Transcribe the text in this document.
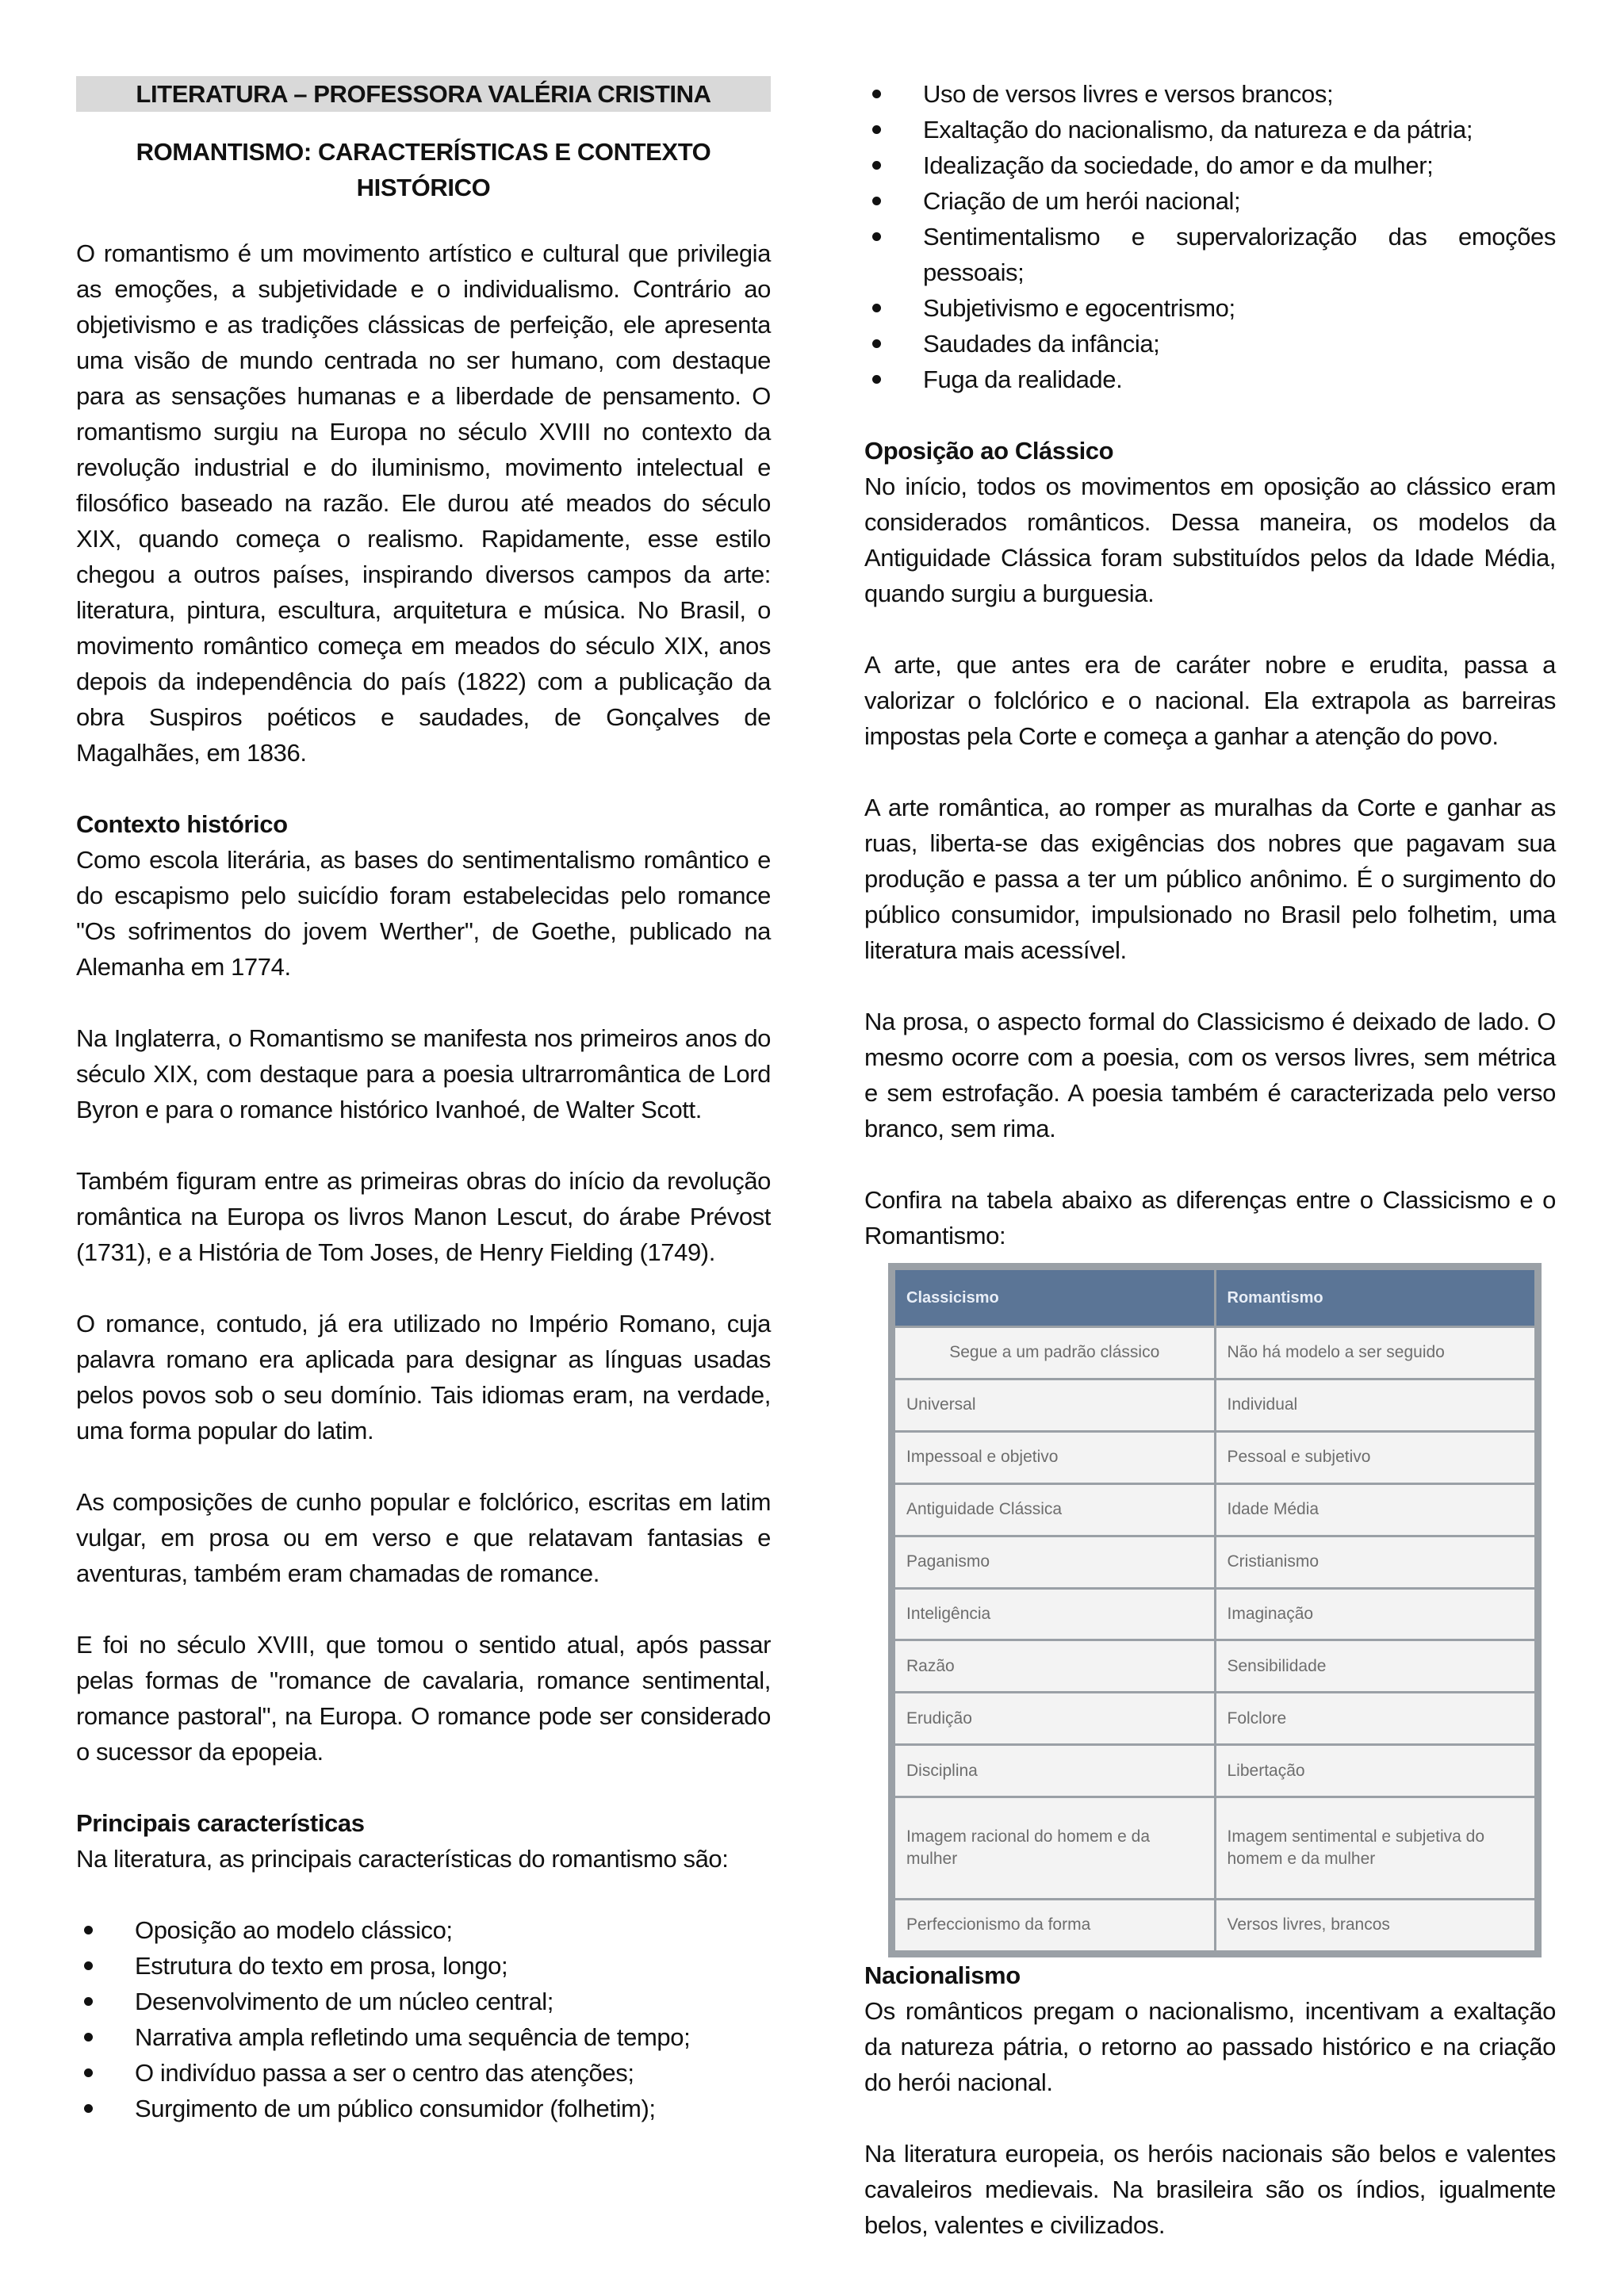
LITERATURA – PROFESSORA VALÉRIA CRISTINA
ROMANTISMO: CARACTERÍSTICAS E CONTEXTO HISTÓRICO

O romantismo é um movimento artístico e cultural que privilegia as emoções, a subjetividade e o individualismo. Contrário ao objetivismo e as tradições clássicas de perfeição, ele apresenta uma visão de mundo centrada no ser humano, com destaque para as sensações humanas e a liberdade de pensamento. O romantismo surgiu na Europa no século XVIII no contexto da revolução industrial e do iluminismo, movimento intelectual e filosófico baseado na razão. Ele durou até meados do século XIX, quando começa o realismo. Rapidamente, esse estilo chegou a outros países, inspirando diversos campos da arte: literatura, pintura, escultura, arquitetura e música. No Brasil, o movimento romântico começa em meados do século XIX, anos depois da independência do país (1822) com a publicação da obra Suspiros poéticos e saudades, de Gonçalves de Magalhães, em 1836.

Contexto histórico

Como escola literária, as bases do sentimentalismo romântico e do escapismo pelo suicídio foram estabelecidas pelo romance "Os sofrimentos do jovem Werther", de Goethe, publicado na Alemanha em 1774.

Na Inglaterra, o Romantismo se manifesta nos primeiros anos do século XIX, com destaque para a poesia ultrarromântica de Lord Byron e para o romance histórico Ivanhoé, de Walter Scott.

Também figuram entre as primeiras obras do início da revolução romântica na Europa os livros Manon Lescut, do árabe Prévost (1731), e a História de Tom Joses, de Henry Fielding (1749).

O romance, contudo, já era utilizado no Império Romano, cuja palavra romano era aplicada para designar as línguas usadas pelos povos sob o seu domínio. Tais idiomas eram, na verdade, uma forma popular do latim.

As composições de cunho popular e folclórico, escritas em latim vulgar, em prosa ou em verso e que relatavam fantasias e aventuras, também eram chamadas de romance.

E foi no século XVIII, que tomou o sentido atual, após passar pelas formas de "romance de cavalaria, romance sentimental, romance pastoral", na Europa. O romance pode ser considerado o sucessor da epopeia.

Principais características

Na literatura, as principais características do romantismo são:

Oposição ao modelo clássico;
Estrutura do texto em prosa, longo;
Desenvolvimento de um núcleo central;
Narrativa ampla refletindo uma sequência de tempo;
O indivíduo passa a ser o centro das atenções;
Surgimento de um público consumidor (folhetim);
Uso de versos livres e versos brancos;
Exaltação do nacionalismo, da natureza e da pátria;
Idealização da sociedade, do amor e da mulher;
Criação de um herói nacional;
Sentimentalismo e supervalorização das emoções pessoais;
Subjetivismo e egocentrismo;
Saudades da infância;
Fuga da realidade.
Oposição ao Clássico

No início, todos os movimentos em oposição ao clássico eram considerados românticos. Dessa maneira, os modelos da Antiguidade Clássica foram substituídos pelos da Idade Média, quando surgiu a burguesia.

A arte, que antes era de caráter nobre e erudita, passa a valorizar o folclórico e o nacional. Ela extrapola as barreiras impostas pela Corte e começa a ganhar a atenção do povo.

A arte romântica, ao romper as muralhas da Corte e ganhar as ruas, liberta-se das exigências dos nobres que pagavam sua produção e passa a ter um público anônimo. É o surgimento do público consumidor, impulsionado no Brasil pelo folhetim, uma literatura mais acessível.

Na prosa, o aspecto formal do Classicismo é deixado de lado. O mesmo ocorre com a poesia, com os versos livres, sem métrica e sem estrofação. A poesia também é caracterizada pelo verso branco, sem rima.

Confira na tabela abaixo as diferenças entre o Classicismo e o Romantismo:

Classicismo	Romantismo
Segue a um padrão clássico	Não há modelo a ser seguido
Universal	Individual
Impessoal e objetivo	Pessoal e subjetivo
Antiguidade Clássica	Idade Média
Paganismo	Cristianismo
Inteligência	Imaginação
Razão	Sensibilidade
Erudição	Folclore
Disciplina	Libertação
Imagem racional do homem e da mulher	Imagem sentimental e subjetiva do homem e da mulher
Perfeccionismo da forma	Versos livres, brancos
Nacionalismo

Os românticos pregam o nacionalismo, incentivam a exaltação da natureza pátria, o retorno ao passado histórico e na criação do herói nacional.

Na literatura europeia, os heróis nacionais são belos e valentes cavaleiros medievais. Na brasileira são os índios, igualmente belos, valentes e civilizados.
